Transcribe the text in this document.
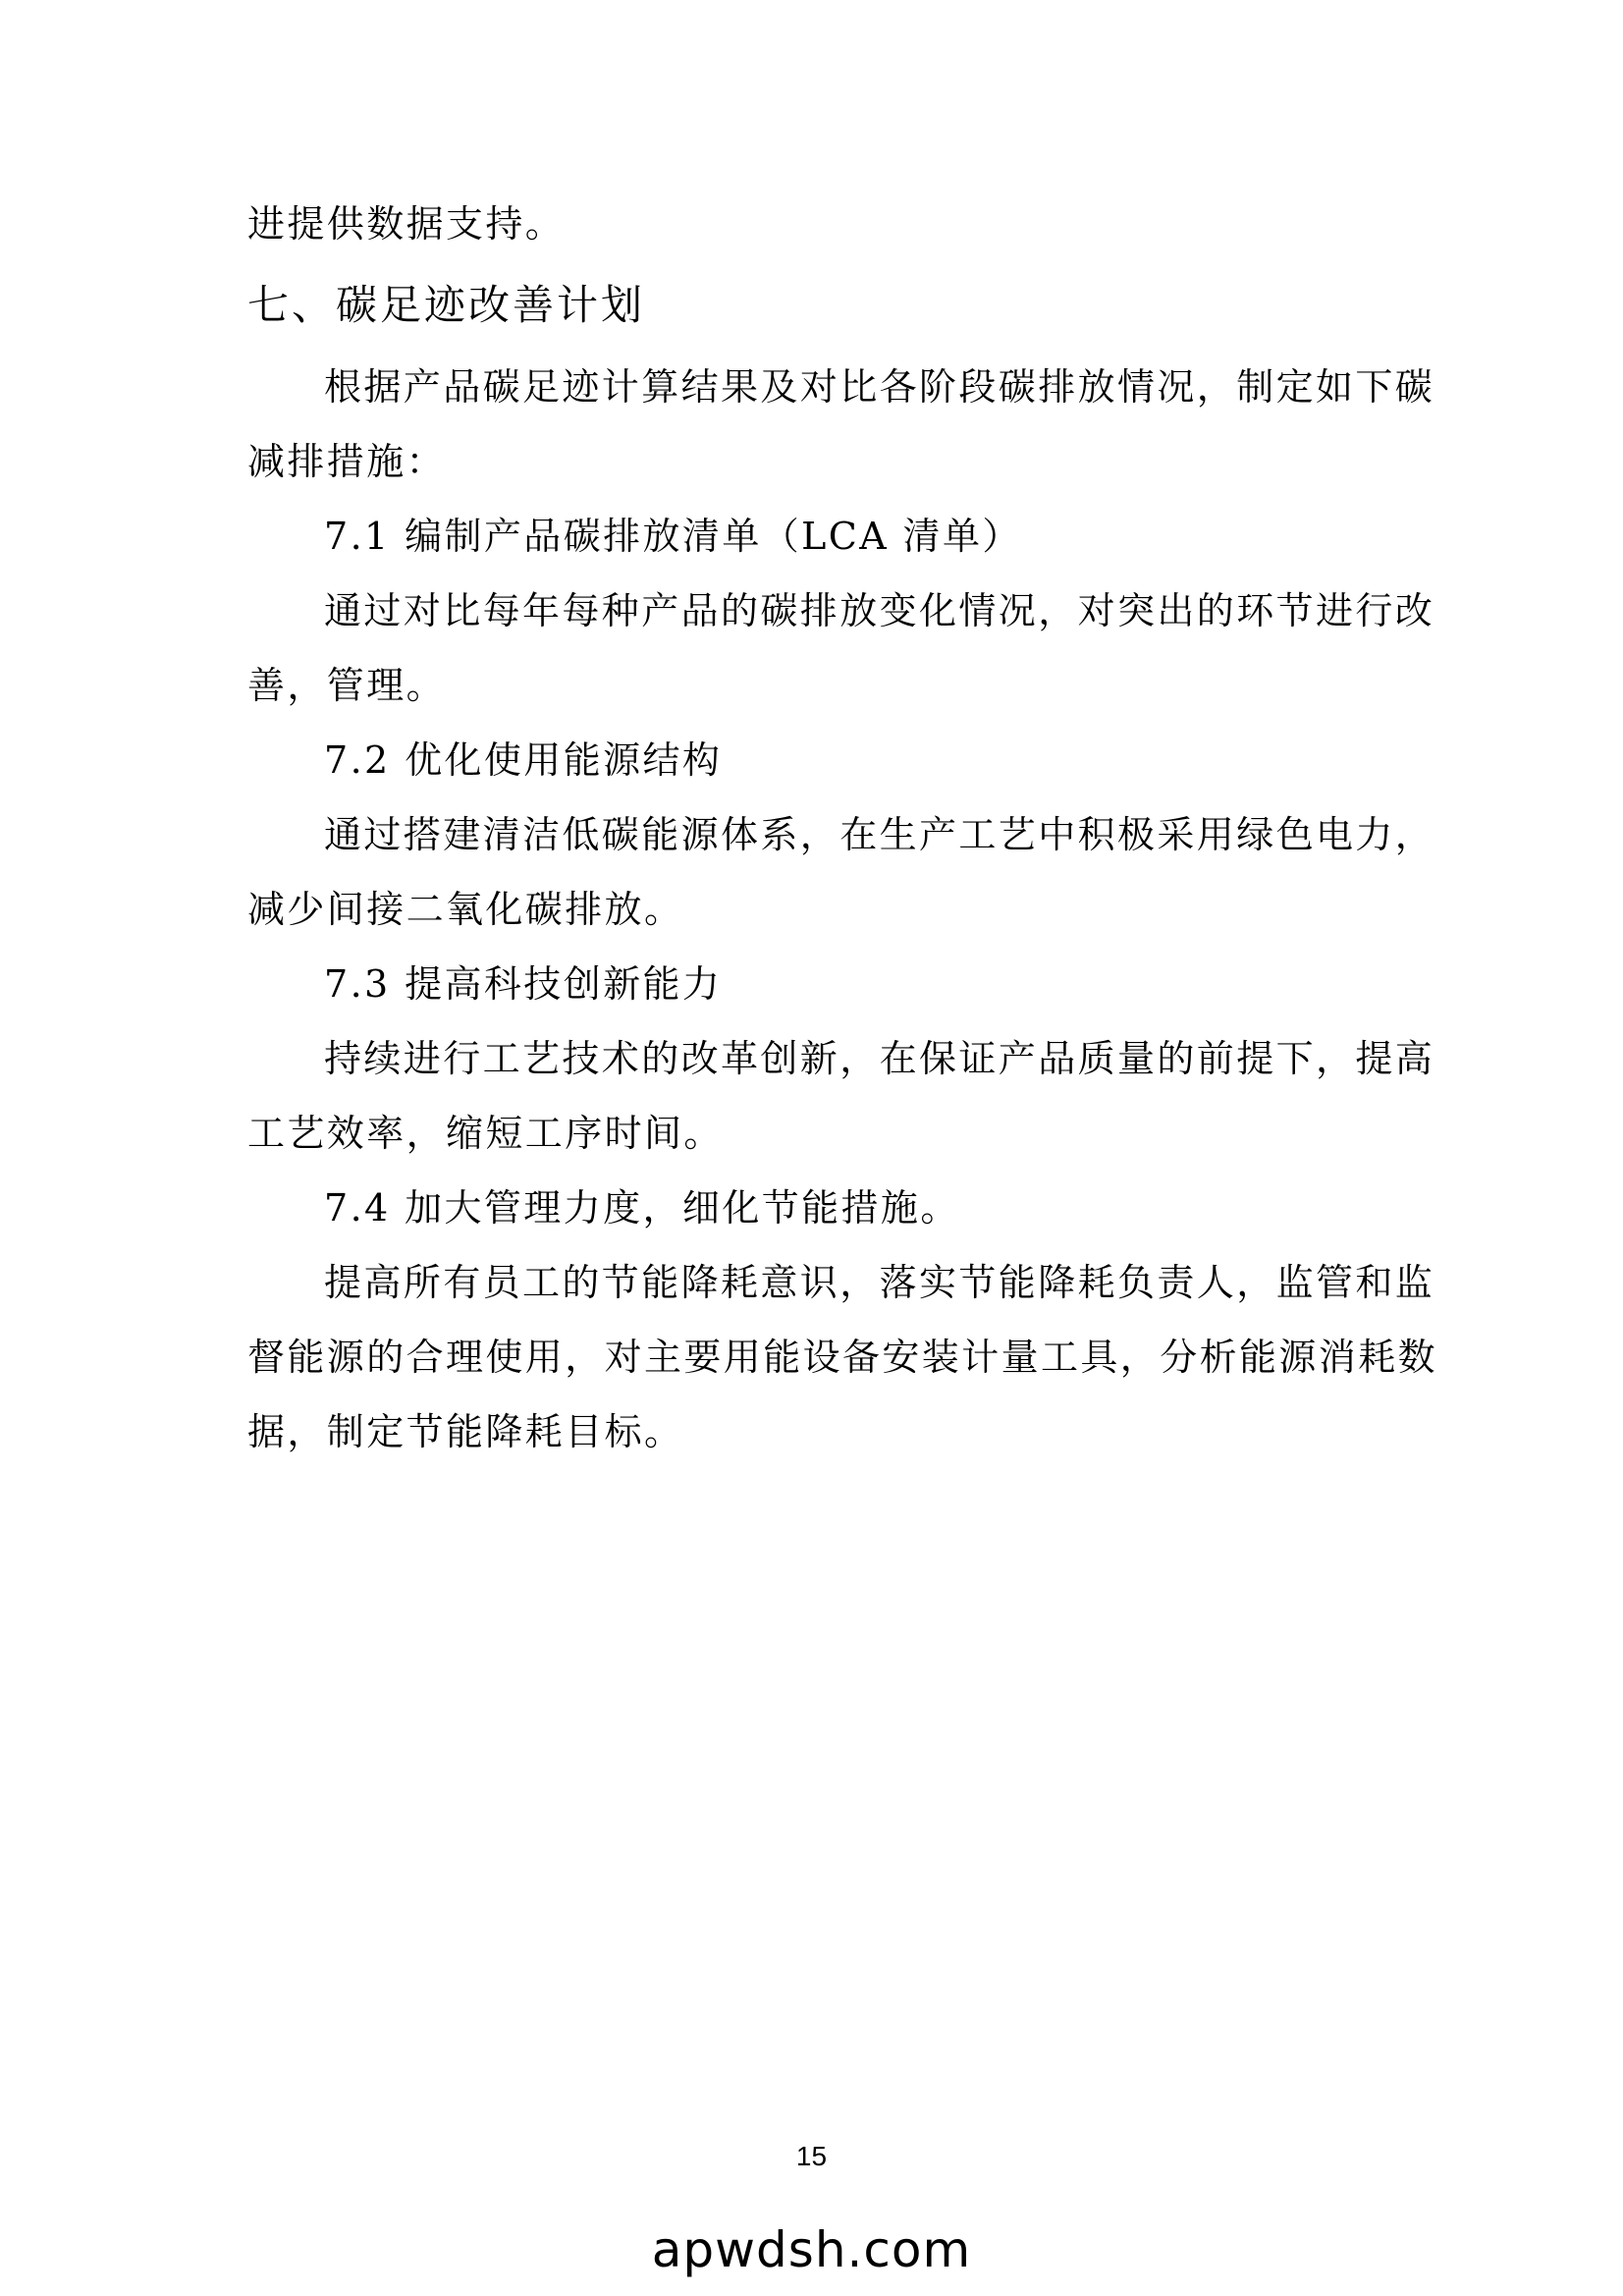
进提供数据支持。
七、碳足迹改善计划
根据产品碳足迹计算结果及对比各阶段碳排放情况，制定如下碳
减排措施：
7.1 编制产品碳排放清单（LCA 清单）
通过对比每年每种产品的碳排放变化情况，对突出的环节进行改
善，管理。
7.2 优化使用能源结构
通过搭建清洁低碳能源体系，在生产工艺中积极采用绿色电力，
减少间接二氧化碳排放。
7.3 提高科技创新能力
持续进行工艺技术的改革创新，在保证产品质量的前提下，提高
工艺效率，缩短工序时间。
7.4 加大管理力度，细化节能措施。
提高所有员工的节能降耗意识，落实节能降耗负责人，监管和监
督能源的合理使用，对主要用能设备安装计量工具，分析能源消耗数
据，制定节能降耗目标。
15
apwdsh.com
